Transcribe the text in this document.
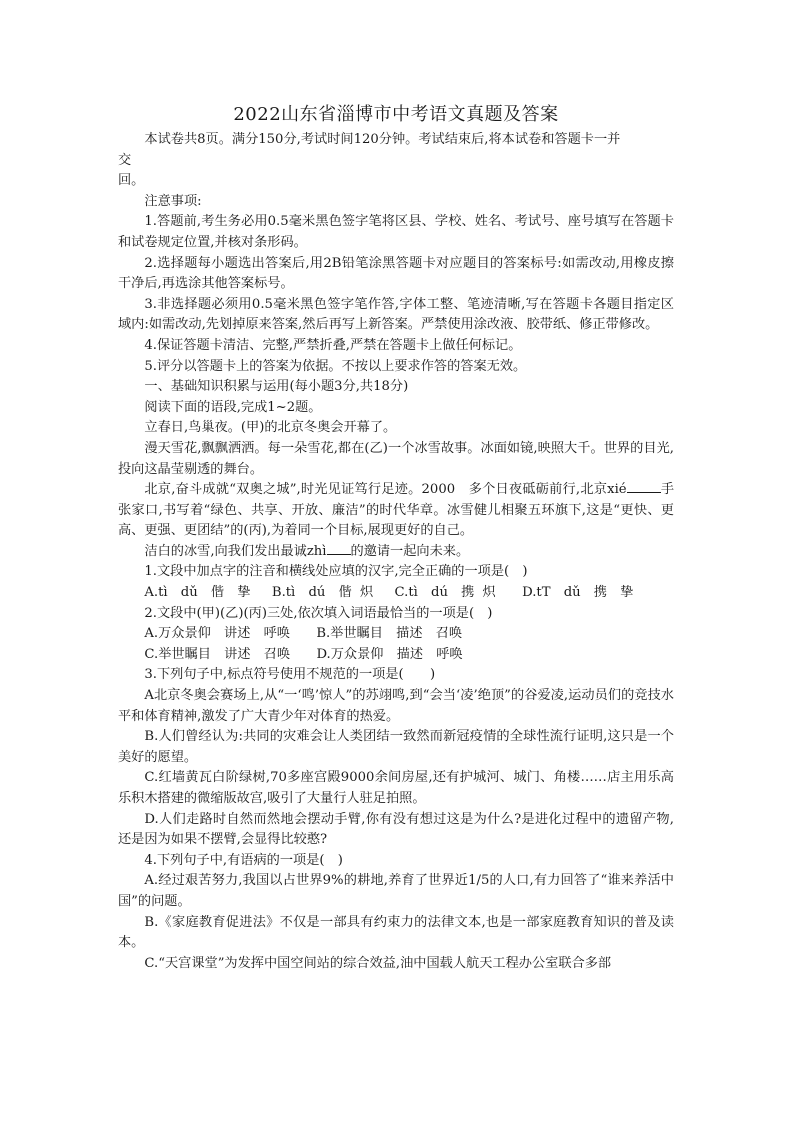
2022山东省淄博市中考语文真题及答案

本试卷共8页。满分150分,考试时间120分钟。考试结束后,将本试卷和答题卡一并

交

回。

注意事项:

1.答题前,考生务必用0.5毫米黑色签字笔将区县、学校、姓名、考试号、座号填写在答题卡和试卷规定位置,并核对条形码。

2.选择题每小题选出答案后,用2B铅笔涂黑答题卡对应题目的答案标号:如需改动,用橡皮擦干净后,再选涂其他答案标号。

3.非选择题必须用0.5毫米黑色签字笔作答,字体工整、笔迹清晰,写在答题卡各题目指定区域内:如需改动,先划掉原来答案,然后再写上新答案。严禁使用涂改液、胶带纸、修正带修改。

4.保证答题卡清洁、完整,严禁折叠,严禁在答题卡上做任何标记。

5.评分以答题卡上的答案为依据。不按以上要求作答的答案无效。

一、基础知识积累与运用(每小题3分,共18分)

阅读下面的语段,完成1~2题。

立春日,鸟巢夜。(甲)的北京冬奥会开幕了。

漫天雪花,飘飘洒洒。每一朵雪花,都在(乙)一个冰雪故事。冰面如镜,映照大千。世界的目光,投向这晶莹剔透的舞台。

北京,奋斗成就“双奥之城”,时光见证笃行足迹。2000　多个日夜砥砺前行,北京xié	手张家口,书写着“绿色、共享、开放、廉洁”的时代华章。冰雪健儿相聚五环旗下,这是“更快、更高、更强、更团结”的(丙),为着同一个目标,展现更好的自己。

洁白的冰雪,向我们发出最诚zhì 的邀请一起向未来。

1.文段中加点字的注音和横线处应填的汉字,完全正确的一项是(　)

A.tì　dǔ　偕　挚　 B.tì　dú　偕 炽　 C.tì　dú　携 炽　　D.tT　dǔ　携　挚

2.文段中(甲)(乙)(丙)三处,依次填入词语最恰当的一项是(　)

A.万众景仰　讲述　呼唤　　B.举世瞩目　描述　召唤

C.举世瞩目　讲述　召唤　　D.万众景仰　描述　呼唤

3.下列句子中,标点符号使用不规范的一项是(　　)

A北京冬奥会赛场上,从“一‘鸣’惊人”的苏翊鸣,到“会当‘凌’绝顶”的谷爱凌,运动员们的竞技水平和体育精神,激发了广大青少年对体育的热爱。

B.人们曾经认为:共同的灾难会让人类团结一致然而新冠疫情的全球性流行证明,这只是一个美好的愿望。

C.红墙黄瓦白阶绿树,70多座宫殿9000余间房屋,还有护城河、城门、角楼……店主用乐高乐积木搭建的微缩版故宫,吸引了大量行人驻足拍照。

D.人们走路时自然而然地会摆动手臂,你有没有想过这是为什么?是进化过程中的遗留产物,还是因为如果不摆臂,会显得比较憨?

4.下列句子中,有语病的一项是(　)

A.经过艰苦努力,我国以占世界9%的耕地,养育了世界近1/5的人口,有力回答了“谁来养活中国”的问题。

B.《家庭教育促进法》不仅是一部具有约束力的法律文本,也是一部家庭教育知识的普及读本。

C.“天宫课堂”为发挥中国空间站的综合效益,油中国载人航天工程办公室联合多部
